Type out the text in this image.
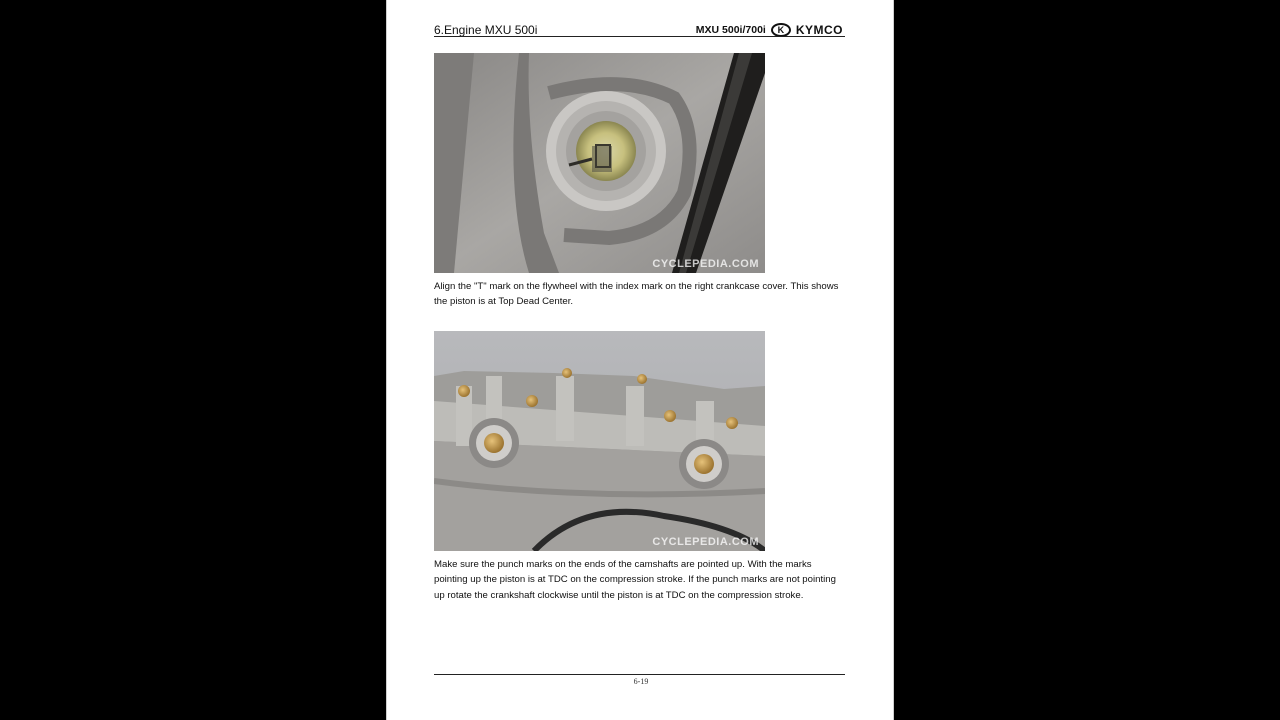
6.Engine MXU 500i	MXU 500i/700i	K KYMCO
CYCLEPEDIA.COM
Align the "T" mark on the flywheel with the index mark on the right crankcase cover. This shows the piston is at Top Dead Center.
CYCLEPEDIA.COM
Make sure the punch marks on the ends of the camshafts are pointed up. With the marks pointing up the piston is at TDC on the compression stroke. If the punch marks are not pointing up rotate the crankshaft clockwise until the piston is at TDC on the compression stroke.
6-19
